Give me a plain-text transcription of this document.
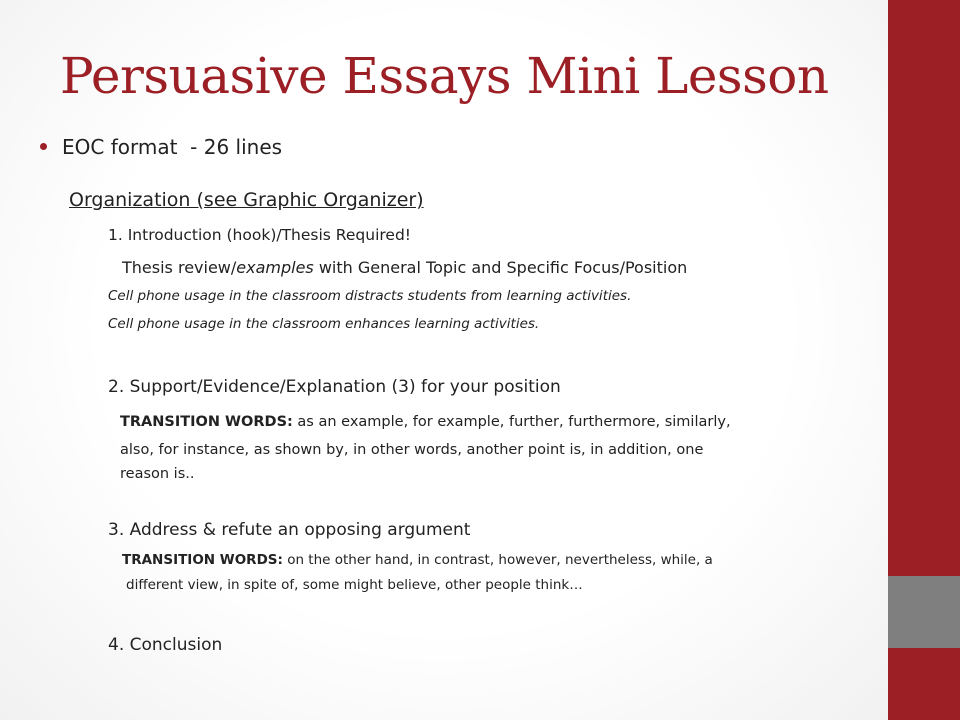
Persuasive Essays Mini Lesson
EOC format  - 26 lines
Organization (see Graphic Organizer)
1. Introduction (hook)/Thesis Required!
Thesis review/examples with General Topic and Specific Focus/Position
Cell phone usage in the classroom distracts students from learning activities.
Cell phone usage in the classroom enhances learning activities.
2. Support/Evidence/Explanation (3) for your position
TRANSITION WORDS: as an example, for example, further, furthermore, similarly,
also, for instance, as shown by, in other words, another point is, in addition, one
reason is..
3. Address & refute an opposing argument
TRANSITION WORDS: on the other hand, in contrast, however, nevertheless, while, a
different view, in spite of, some might believe, other people think…
4. Conclusion
